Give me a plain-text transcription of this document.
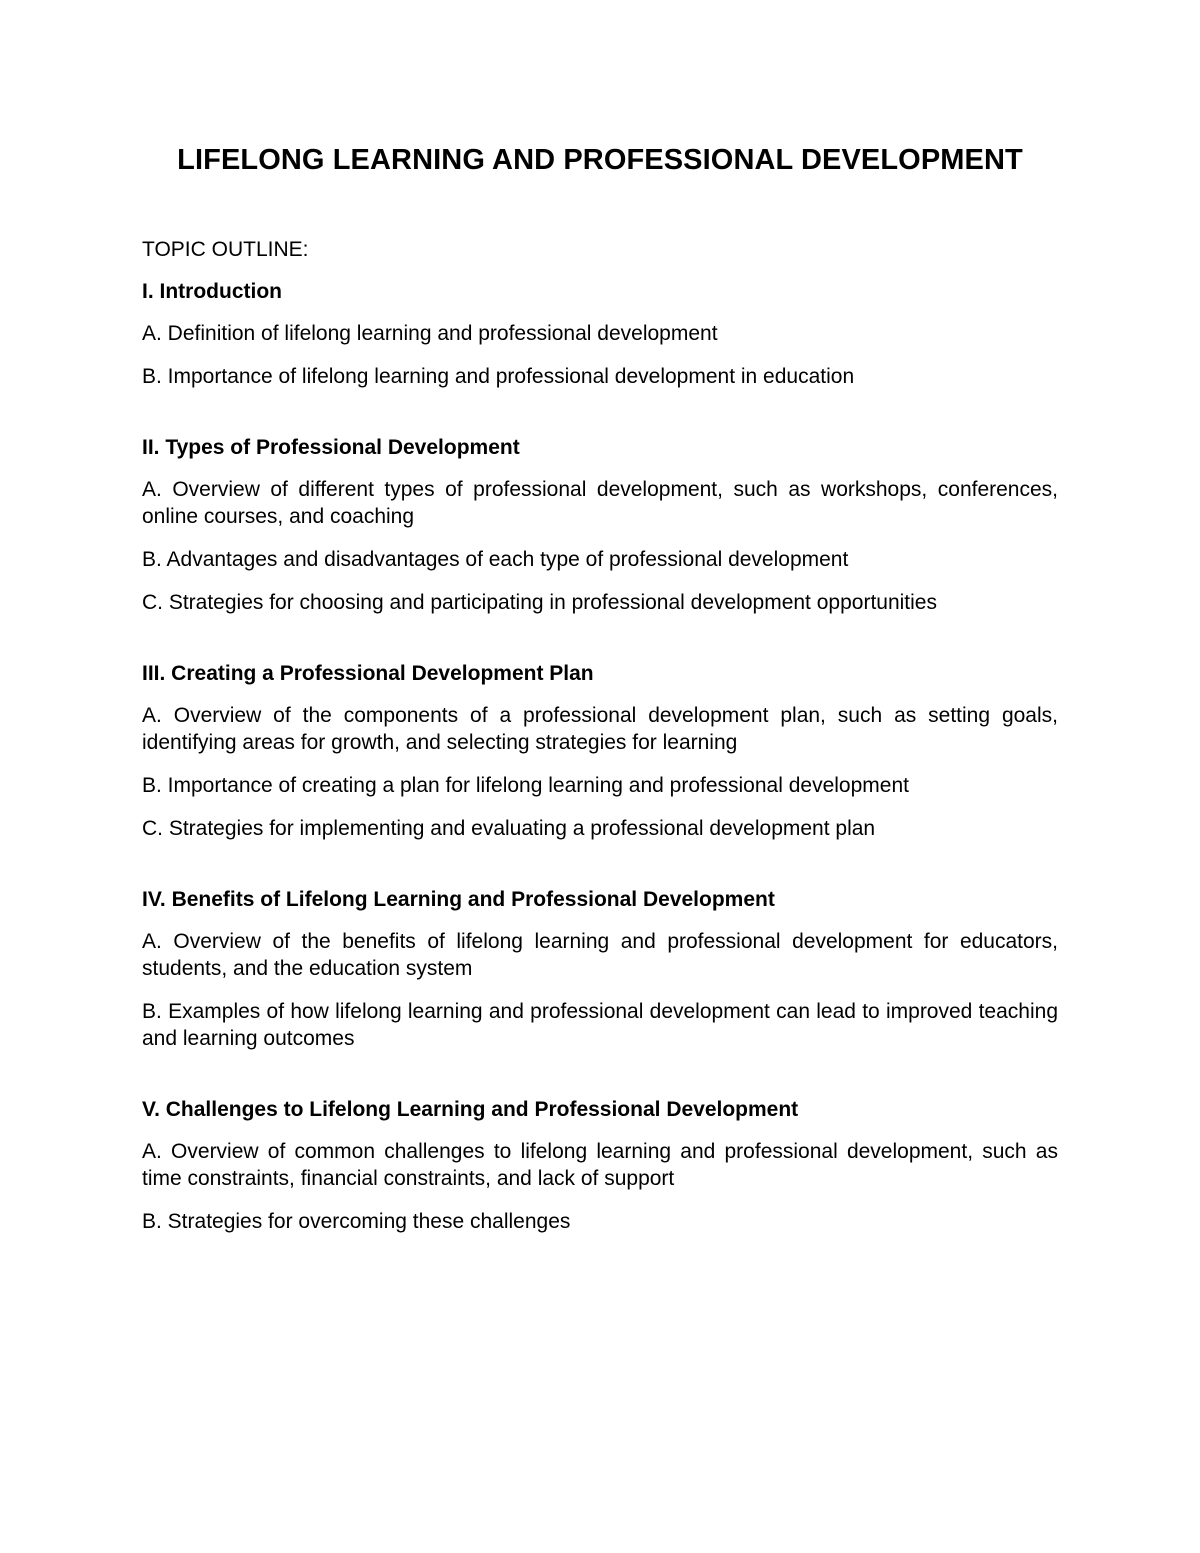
LIFELONG LEARNING AND PROFESSIONAL DEVELOPMENT
TOPIC OUTLINE:
I. Introduction
A. Definition of lifelong learning and professional development
B. Importance of lifelong learning and professional development in education
II. Types of Professional Development
A. Overview of different types of professional development, such as workshops, conferences, online courses, and coaching
B. Advantages and disadvantages of each type of professional development
C. Strategies for choosing and participating in professional development opportunities
III. Creating a Professional Development Plan
A. Overview of the components of a professional development plan, such as setting goals, identifying areas for growth, and selecting strategies for learning
B. Importance of creating a plan for lifelong learning and professional development
C. Strategies for implementing and evaluating a professional development plan
IV. Benefits of Lifelong Learning and Professional Development
A. Overview of the benefits of lifelong learning and professional development for educators, students, and the education system
B. Examples of how lifelong learning and professional development can lead to improved teaching and learning outcomes
V. Challenges to Lifelong Learning and Professional Development
A. Overview of common challenges to lifelong learning and professional development, such as time constraints, financial constraints, and lack of support
B. Strategies for overcoming these challenges
